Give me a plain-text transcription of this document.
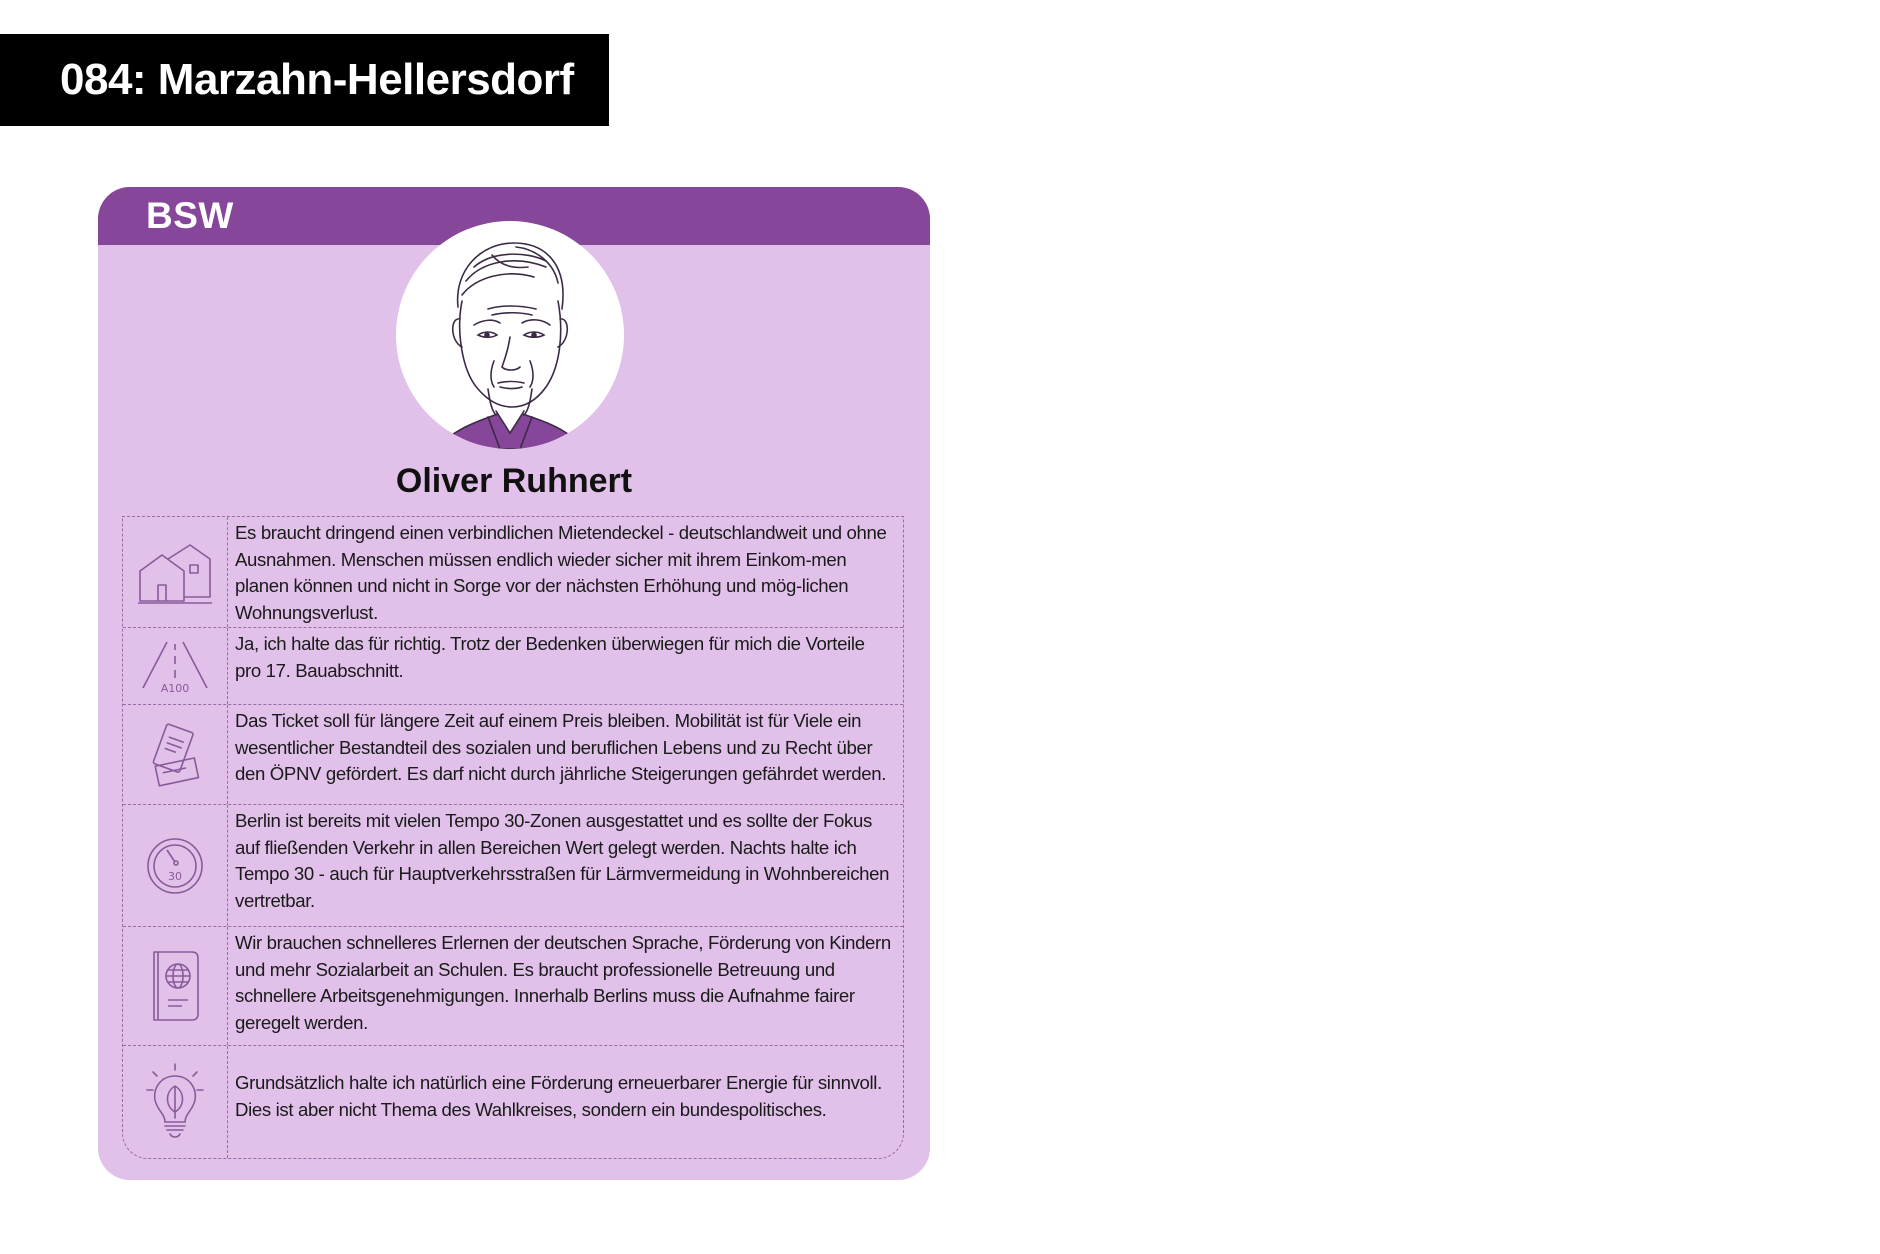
084: Marzahn-Hellersdorf
BSW
Oliver Ruhnert
Es braucht dringend einen verbindlichen Mietendeckel - deutschlandweit und ohne Ausnahmen. Menschen müssen endlich wieder sicher mit ihrem Einkom-men planen können und nicht in Sorge vor der nächsten Erhöhung und mög-lichen Wohnungsverlust.
A100
Ja, ich halte das für richtig. Trotz der Bedenken überwiegen für mich die Vorteile pro 17. Bauabschnitt.
Das Ticket soll für längere Zeit auf einem Preis bleiben. Mobilität ist für Viele ein wesentlicher Bestandteil des sozialen und beruflichen Lebens und zu Recht über den ÖPNV gefördert. Es darf nicht durch jährliche Steigerungen gefährdet werden.
30
Berlin ist bereits mit vielen Tempo 30-Zonen ausgestattet und es sollte der Fokus auf fließenden Verkehr in allen Bereichen Wert gelegt werden. Nachts halte ich Tempo 30 - auch für Hauptverkehrsstraßen für Lärmvermeidung in Wohnbereichen vertretbar.
Wir brauchen schnelleres Erlernen der deutschen Sprache, Förderung von Kindern und mehr Sozialarbeit an Schulen. Es braucht professionelle Betreuung und schnellere Arbeitsgenehmigungen. Innerhalb Berlins muss die Aufnahme fairer geregelt werden.
Grundsätzlich halte ich natürlich eine Förderung erneuerbarer Energie für sinnvoll. Dies ist aber nicht Thema des Wahlkreises, sondern ein bundespolitisches.
